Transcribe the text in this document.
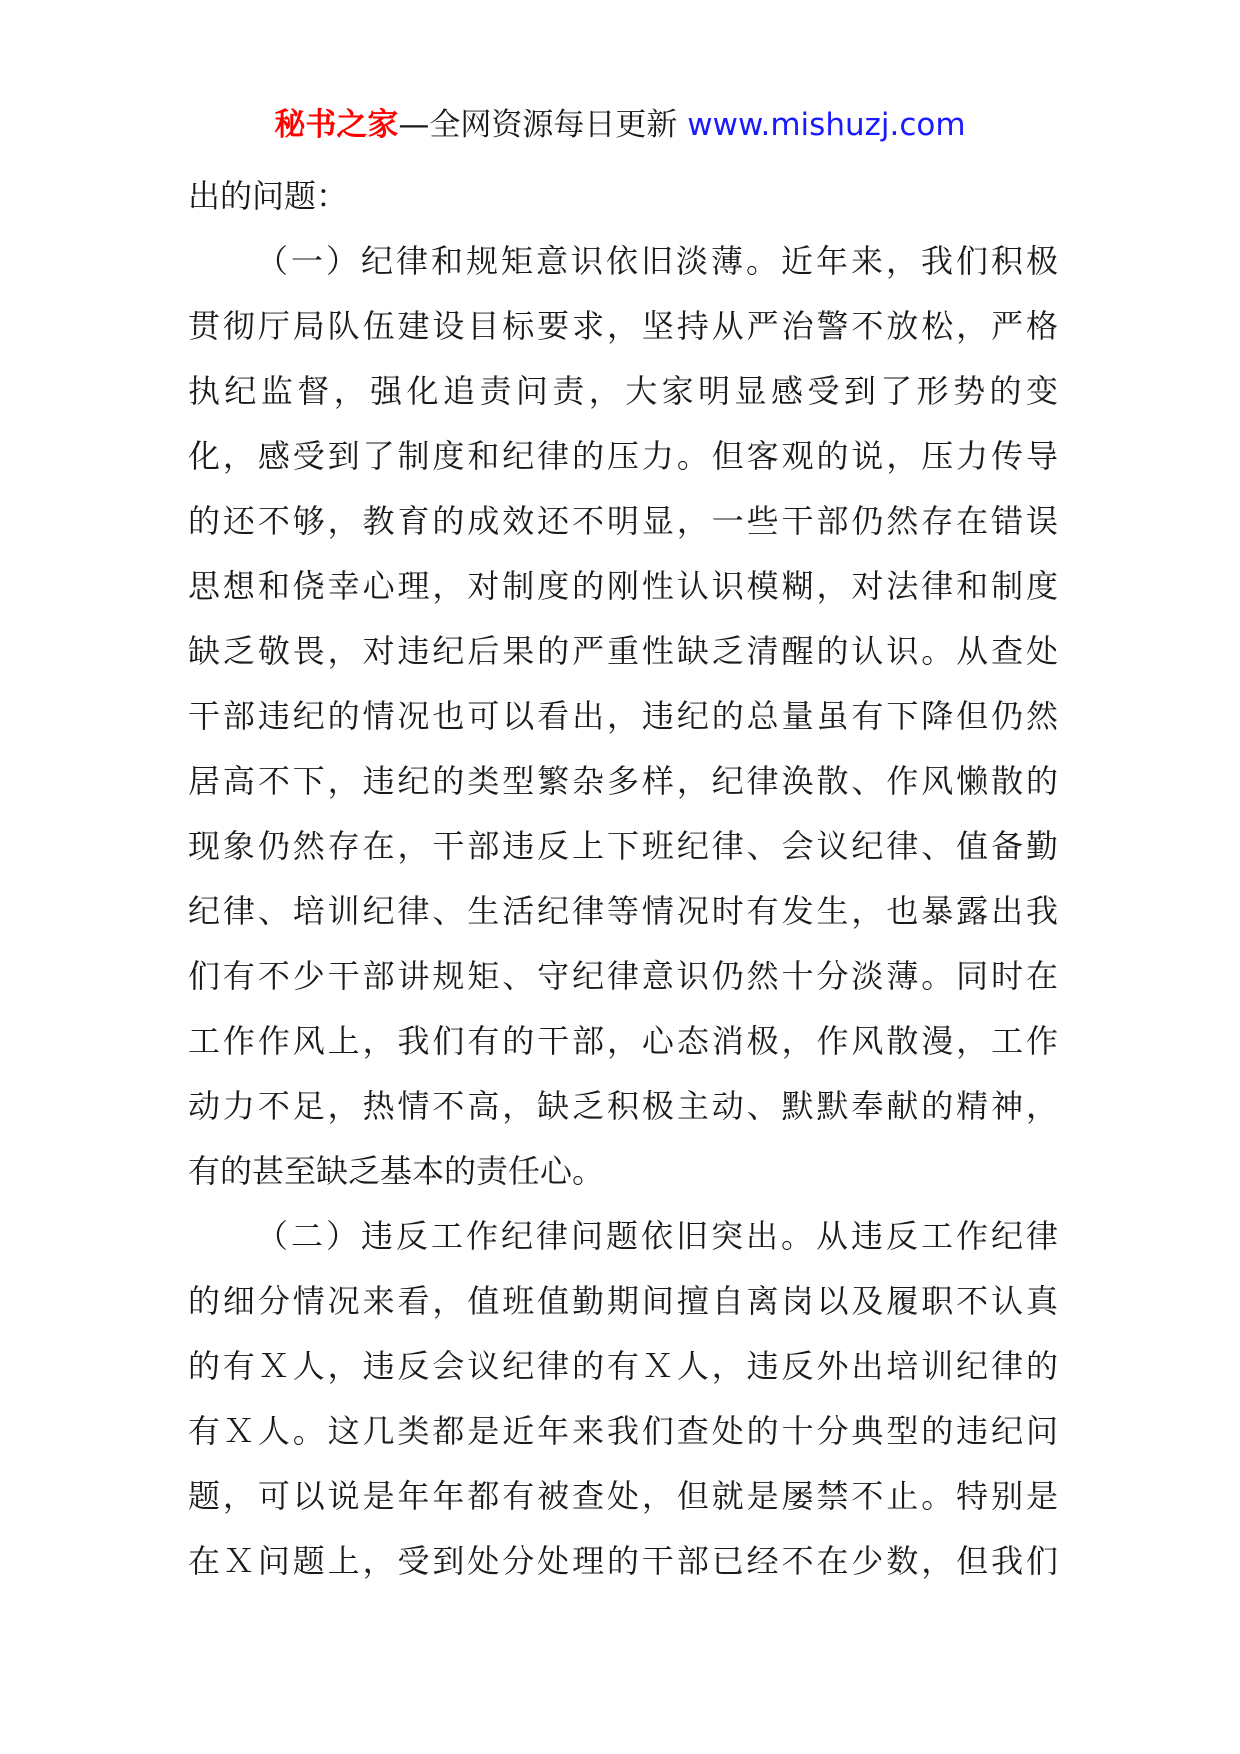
秘书之家—全网资源每日更新 www.mishuzj.com
出的问题：
（一）纪律和规矩意识依旧淡薄。近年来，我们积极
贯彻厅局队伍建设目标要求，坚持从严治警不放松，严格
执纪监督，强化追责问责，大家明显感受到了形势的变
化，感受到了制度和纪律的压力。但客观的说，压力传导
的还不够，教育的成效还不明显，一些干部仍然存在错误
思想和侥幸心理，对制度的刚性认识模糊，对法律和制度
缺乏敬畏，对违纪后果的严重性缺乏清醒的认识。从查处
干部违纪的情况也可以看出，违纪的总量虽有下降但仍然
居高不下，违纪的类型繁杂多样，纪律涣散、作风懒散的
现象仍然存在，干部违反上下班纪律、会议纪律、值备勤
纪律、培训纪律、生活纪律等情况时有发生，也暴露出我
们有不少干部讲规矩、守纪律意识仍然十分淡薄。同时在
工作作风上，我们有的干部，心态消极，作风散漫，工作
动力不足，热情不高，缺乏积极主动、默默奉献的精神，
有的甚至缺乏基本的责任心。
（二）违反工作纪律问题依旧突出。从违反工作纪律
的细分情况来看，值班值勤期间擅自离岗以及履职不认真
的有Ｘ人，违反会议纪律的有Ｘ人，违反外出培训纪律的
有Ｘ人。这几类都是近年来我们查处的十分典型的违纪问
题，可以说是年年都有被查处，但就是屡禁不止。特别是
在Ｘ问题上，受到处分处理的干部已经不在少数，但我们
